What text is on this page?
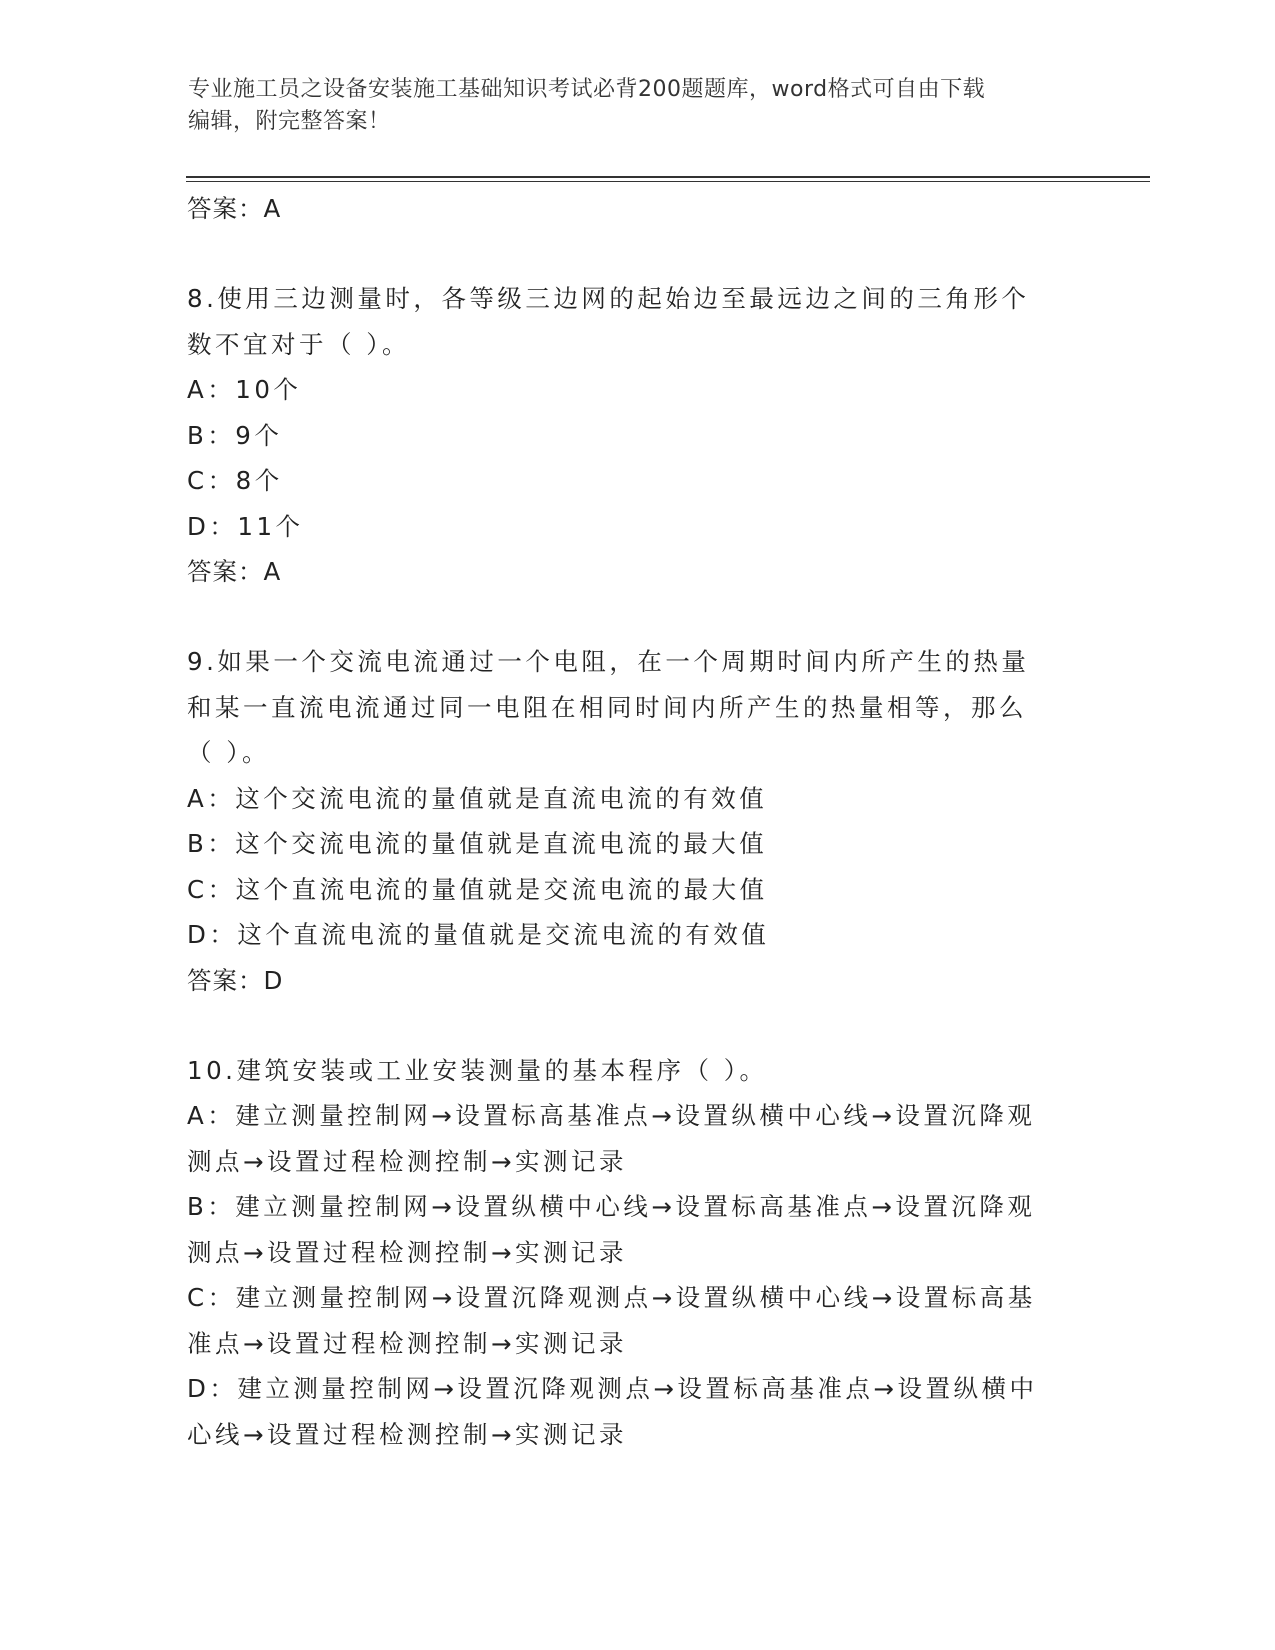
专业施工员之设备安装施工基础知识考试必背200题题库，word格式可自由下载
编辑，附完整答案！
答案：A
8.使用三边测量时，各等级三边网的起始边至最远边之间的三角形个
数不宜对于（ ）。
A：10个
B：9个
C：8个
D：11个
答案：A
9.如果一个交流电流通过一个电阻，在一个周期时间内所产生的热量
和某一直流电流通过同一电阻在相同时间内所产生的热量相等，那么
（ ）。
A：这个交流电流的量值就是直流电流的有效值
B：这个交流电流的量值就是直流电流的最大值
C：这个直流电流的量值就是交流电流的最大值
D：这个直流电流的量值就是交流电流的有效值
答案：D
10.建筑安装或工业安装测量的基本程序（ ）。
A：建立测量控制网→设置标高基准点→设置纵横中心线→设置沉降观
测点→设置过程检测控制→实测记录
B：建立测量控制网→设置纵横中心线→设置标高基准点→设置沉降观
测点→设置过程检测控制→实测记录
C：建立测量控制网→设置沉降观测点→设置纵横中心线→设置标高基
准点→设置过程检测控制→实测记录
D：建立测量控制网→设置沉降观测点→设置标高基准点→设置纵横中
心线→设置过程检测控制→实测记录
